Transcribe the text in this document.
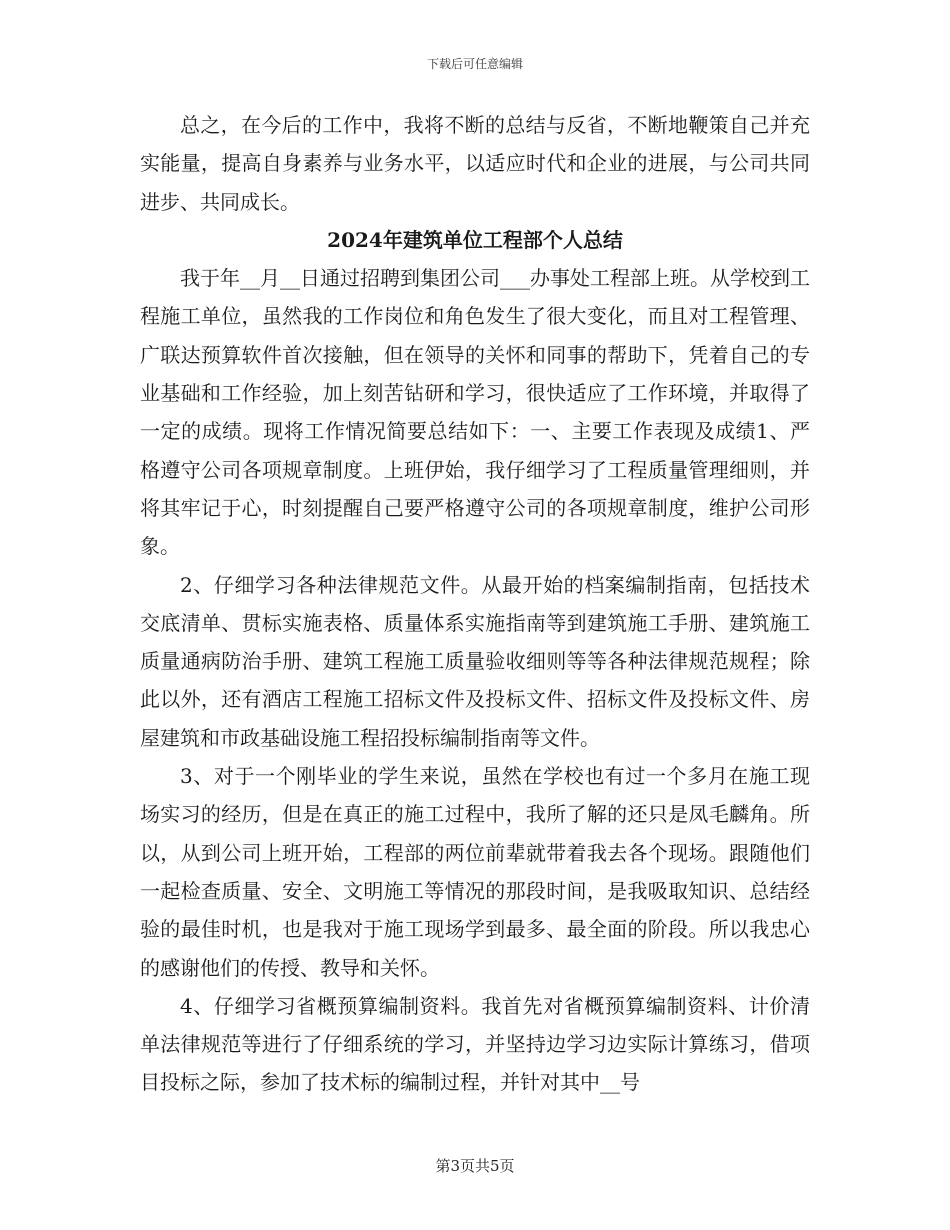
下载后可任意编辑

总之，在今后的工作中，我将不断的总结与反省，不断地鞭策自己并充实能量，提高自身素养与业务水平，以适应时代和企业的进展，与公司共同进步、共同成长。

2024年建筑单位工程部个人总结

我于年__月__日通过招聘到集团公司___办事处工程部上班。从学校到工程施工单位，虽然我的工作岗位和角色发生了很大变化，而且对工程管理、广联达预算软件首次接触，但在领导的关怀和同事的帮助下，凭着自己的专业基础和工作经验，加上刻苦钻研和学习，很快适应了工作环境，并取得了一定的成绩。现将工作情况简要总结如下：一、主要工作表现及成绩1、严格遵守公司各项规章制度。上班伊始，我仔细学习了工程质量管理细则，并将其牢记于心，时刻提醒自己要严格遵守公司的各项规章制度，维护公司形象。

2、仔细学习各种法律规范文件。从最开始的档案编制指南，包括技术交底清单、贯标实施表格、质量体系实施指南等到建筑施工手册、建筑施工质量通病防治手册、建筑工程施工质量验收细则等等各种法律规范规程；除此以外，还有酒店工程施工招标文件及投标文件、招标文件及投标文件、房屋建筑和市政基础设施工程招投标编制指南等文件。

3、对于一个刚毕业的学生来说，虽然在学校也有过一个多月在施工现场实习的经历，但是在真正的施工过程中，我所了解的还只是凤毛麟角。所以，从到公司上班开始，工程部的两位前辈就带着我去各个现场。跟随他们一起检查质量、安全、文明施工等情况的那段时间，是我吸取知识、总结经验的最佳时机，也是我对于施工现场学到最多、最全面的阶段。所以我忠心的感谢他们的传授、教导和关怀。

4、仔细学习省概预算编制资料。我首先对省概预算编制资料、计价清单法律规范等进行了仔细系统的学习，并坚持边学习边实际计算练习，借项目投标之际，参加了技术标的编制过程，并针对其中__号

第3页共5页
